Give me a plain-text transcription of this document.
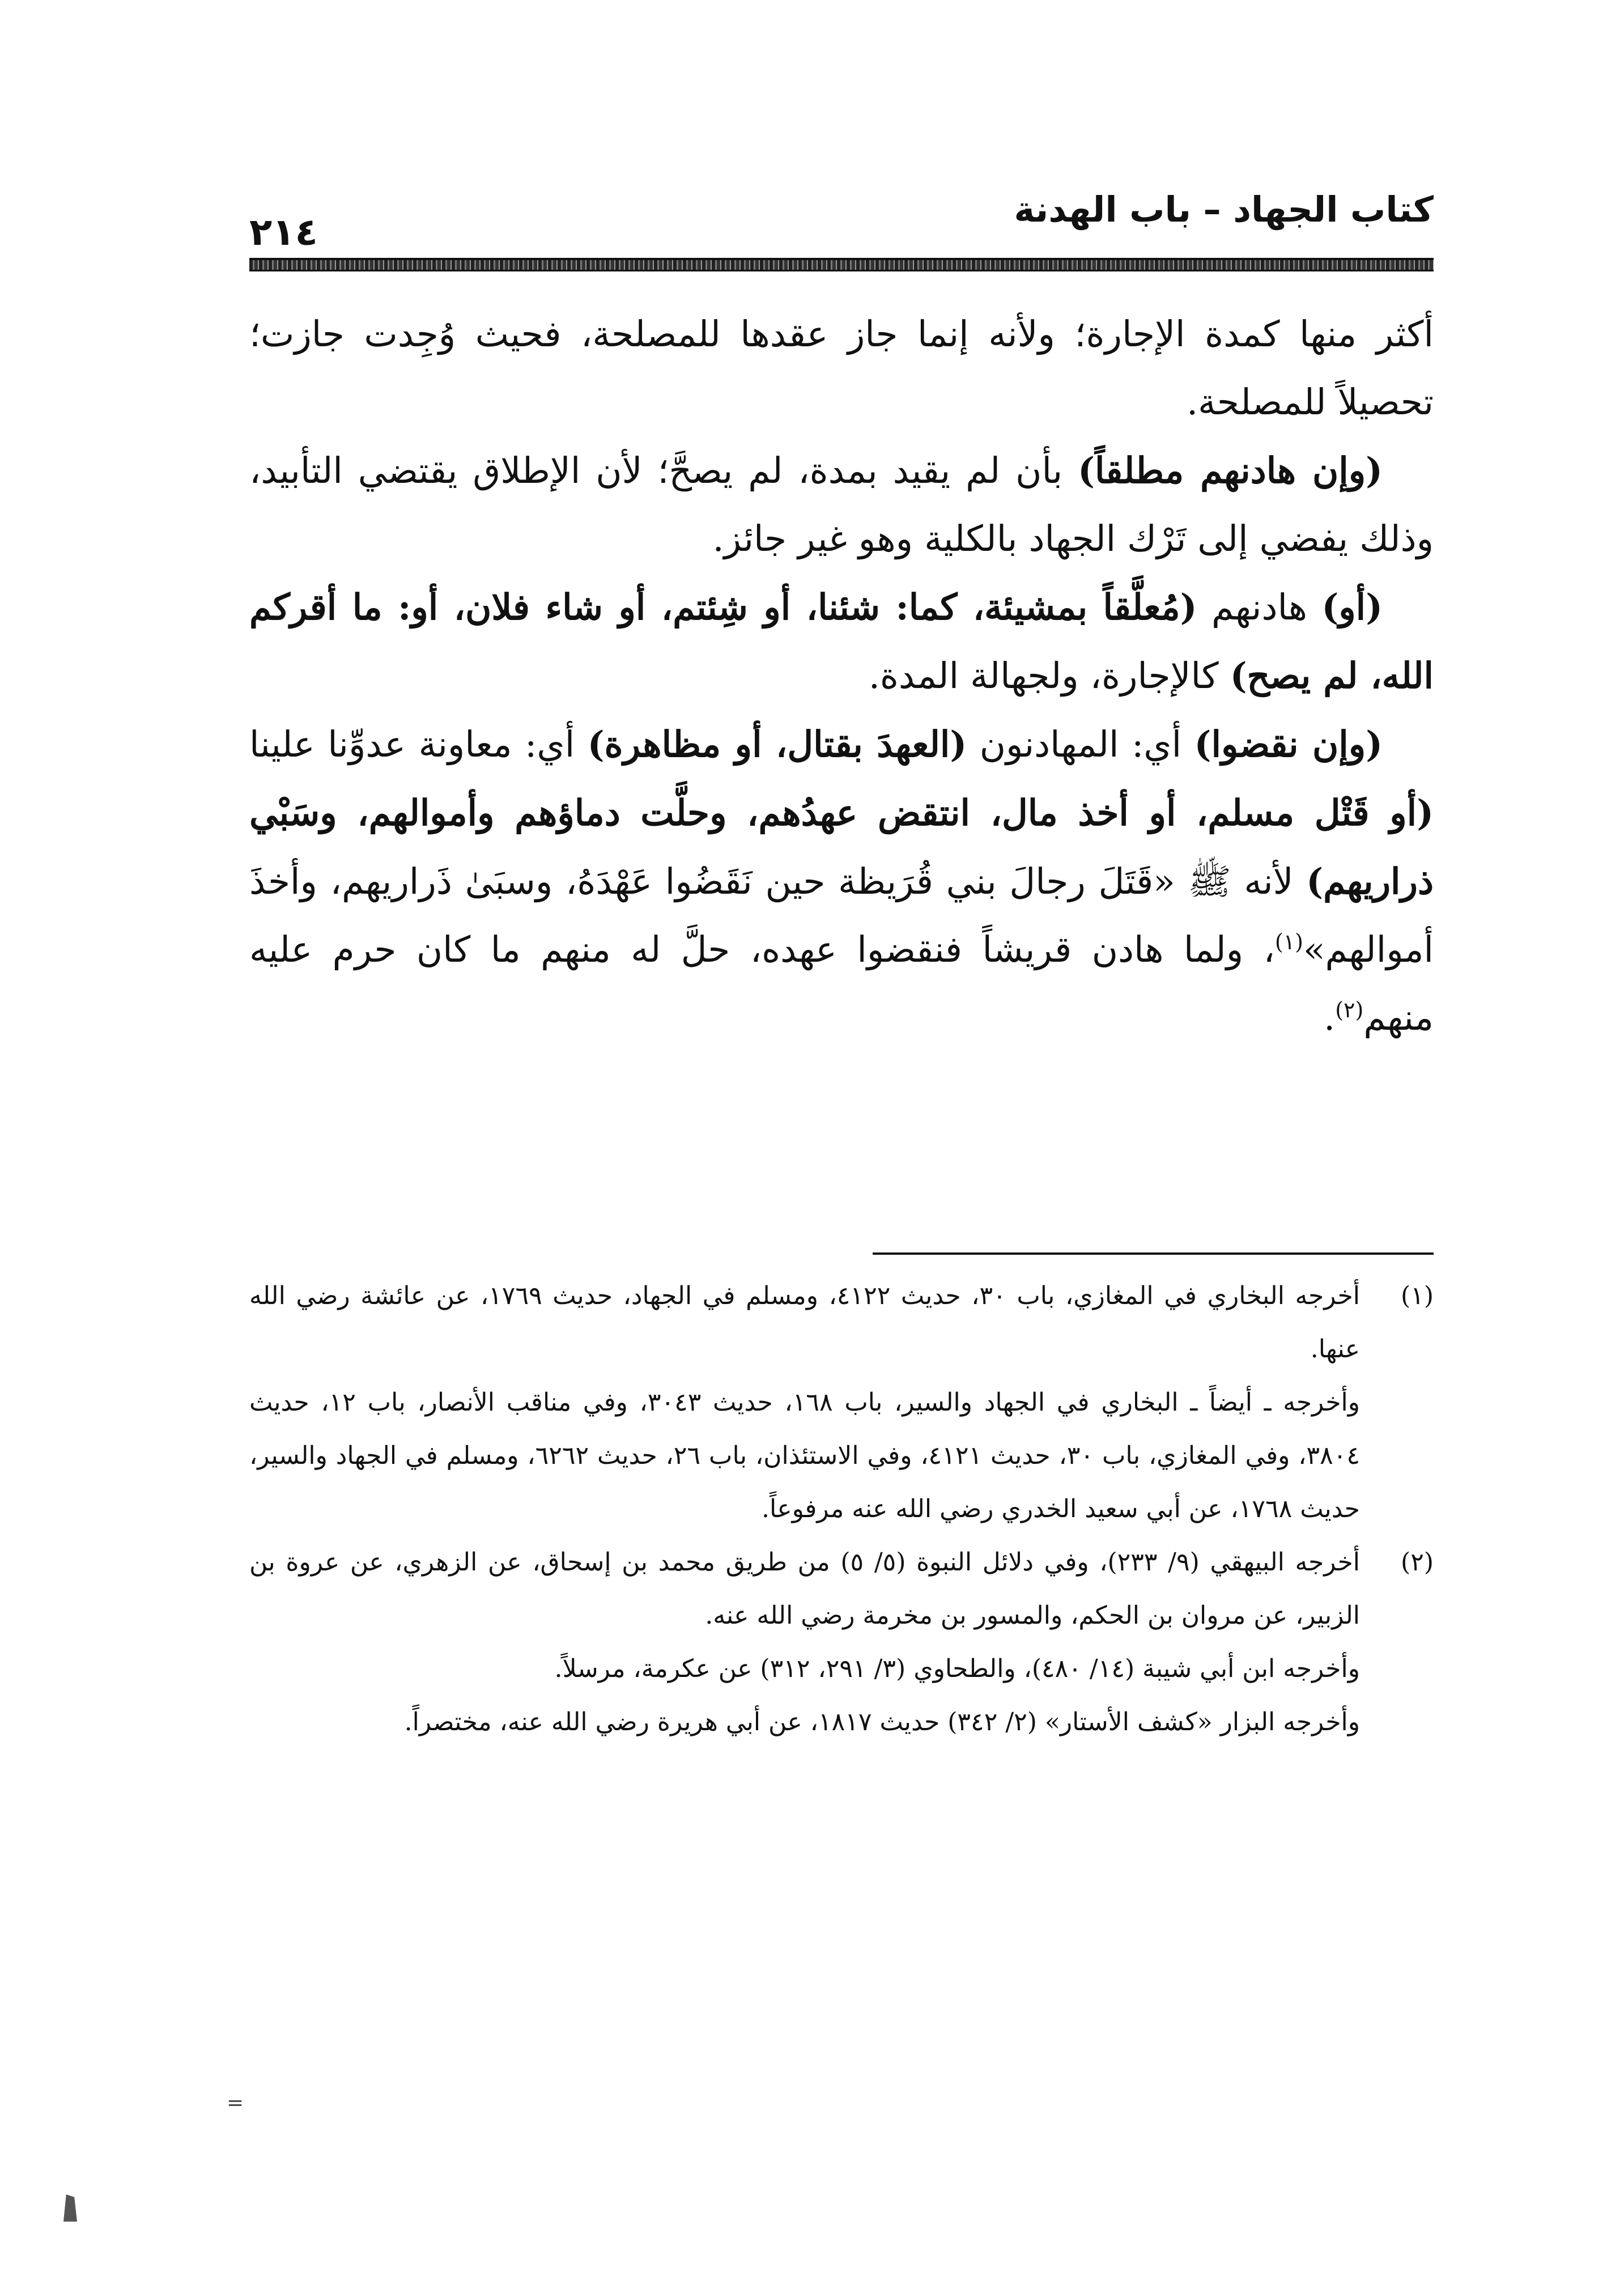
كتاب الجهاد – باب الهدنة
٢١٤

أكثر منها كمدة الإجارة؛ ولأنه إنما جاز عقدها للمصلحة، فحيث وُجِدت جازت؛ تحصيلاً للمصلحة.

(وإن هادنهم مطلقاً) بأن لم يقيد بمدة، لم يصحَّ؛ لأن الإطلاق يقتضي التأبيد، وذلك يفضي إلى تَرْك الجهاد بالكلية وهو غير جائز.

(أو) هادنهم (مُعلَّقاً بمشيئة، كما: شئنا، أو شِئتم، أو شاء فلان، أو: ما أقركم الله، لم يصح) كالإجارة، ولجهالة المدة.

(وإن نقضوا) أي: المهادنون (العهدَ بقتال، أو مظاهرة) أي: معاونة عدوِّنا علينا (أو قَتْل مسلم، أو أخذ مال، انتقض عهدُهم، وحلَّت دماؤهم وأموالهم، وسَبْي ذراريهم) لأنه ﷺ «قَتَلَ رجالَ بني قُرَيظة حين نَقَضُوا عَهْدَهُ، وسبَىٰ ذَراريهم، وأخذَ أموالهم»$^{(١)}$، ولما هادن قريشاً فنقضوا عهده، حلَّ له منهم ما كان حرم عليه منهم$^{(٢)}$.

(١)

أخرجه البخاري في المغازي، باب ٣٠، حديث ٤١٢٢، ومسلم في الجهاد، حديث ١٧٦٩، عن عائشة رضي الله عنها.

وأخرجه ـ أيضاً ـ البخاري في الجهاد والسير، باب ١٦٨، حديث ٣٠٤٣، وفي مناقب الأنصار، باب ١٢، حديث ٣٨٠٤، وفي المغازي، باب ٣٠، حديث ٤١٢١، وفي الاستئذان، باب ٢٦، حديث ٦٢٦٢، ومسلم في الجهاد والسير، حديث ١٧٦٨، عن أبي سعيد الخدري رضي الله عنه مرفوعاً.

(٢)

أخرجه البيهقي (٩/ ٢٣٣)، وفي دلائل النبوة (٥/ ٥) من طريق محمد بن إسحاق، عن الزهري، عن عروة بن الزبير، عن مروان بن الحكم، والمسور بن مخرمة رضي الله عنه.

وأخرجه ابن أبي شيبة (١٤/ ٤٨٠)، والطحاوي (٣/ ٢٩١، ٣١٢) عن عكرمة، مرسلاً.

وأخرجه البزار «كشف الأستار» (٢/ ٣٤٢) حديث ١٨١٧، عن أبي هريرة رضي الله عنه، مختصراً.

=
